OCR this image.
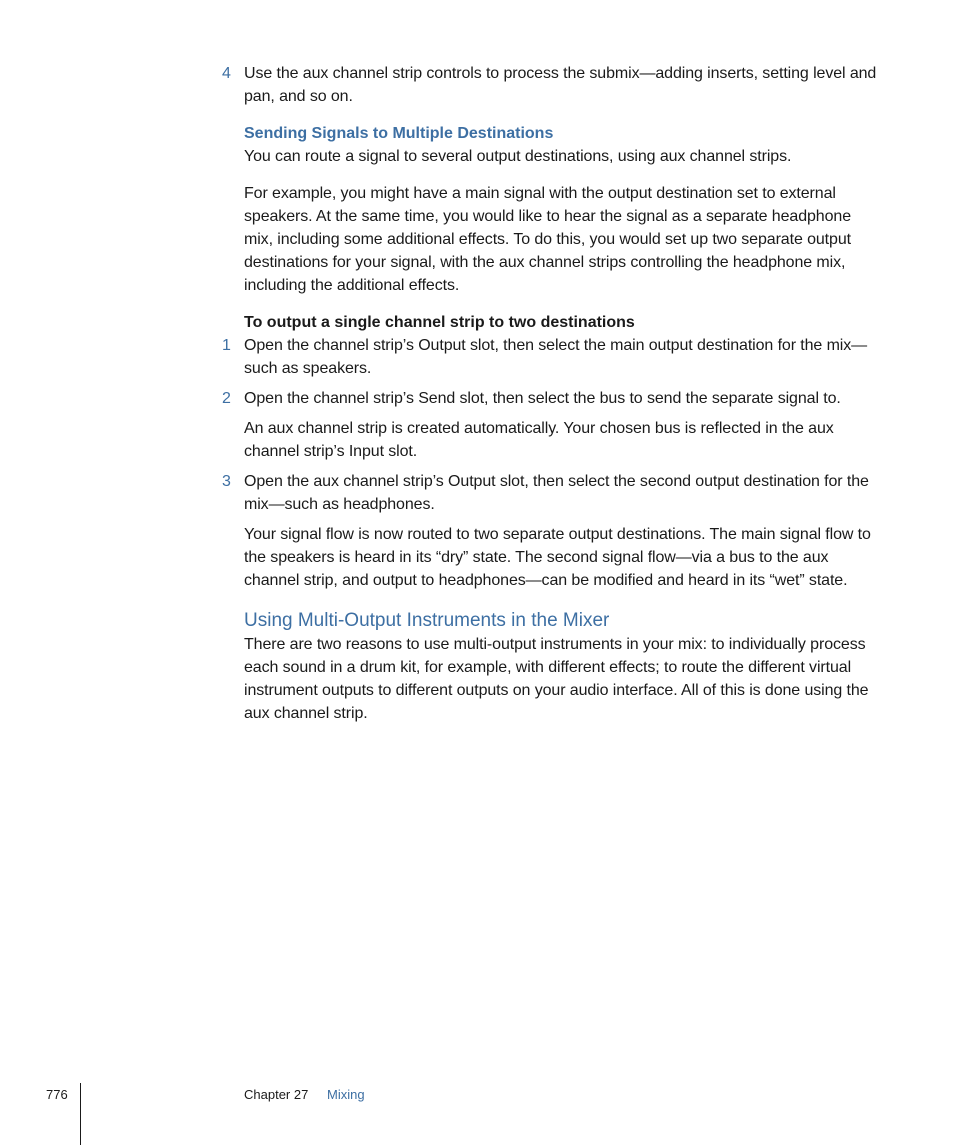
4 Use the aux channel strip controls to process the submix—adding inserts, setting level and pan, and so on.

Sending Signals to Multiple Destinations

You can route a signal to several output destinations, using aux channel strips.

For example, you might have a main signal with the output destination set to external speakers. At the same time, you would like to hear the signal as a separate headphone mix, including some additional effects. To do this, you would set up two separate output destinations for your signal, with the aux channel strips controlling the headphone mix, including the additional effects.

To output a single channel strip to two destinations

1 Open the channel strip’s Output slot, then select the main output destination for the mix—such as speakers.

2 Open the channel strip’s Send slot, then select the bus to send the separate signal to.

An aux channel strip is created automatically. Your chosen bus is reflected in the aux channel strip’s Input slot.

3 Open the aux channel strip’s Output slot, then select the second output destination for the mix—such as headphones.

Your signal flow is now routed to two separate output destinations. The main signal flow to the speakers is heard in its “dry” state. The second signal flow—via a bus to the aux channel strip, and output to headphones—can be modified and heard in its “wet” state.

Using Multi-Output Instruments in the Mixer

There are two reasons to use multi-output instruments in your mix: to individually process each sound in a drum kit, for example, with different effects; to route the different virtual instrument outputs to different outputs on your audio interface. All of this is done using the aux channel strip.

776	Chapter 27 Mixing
